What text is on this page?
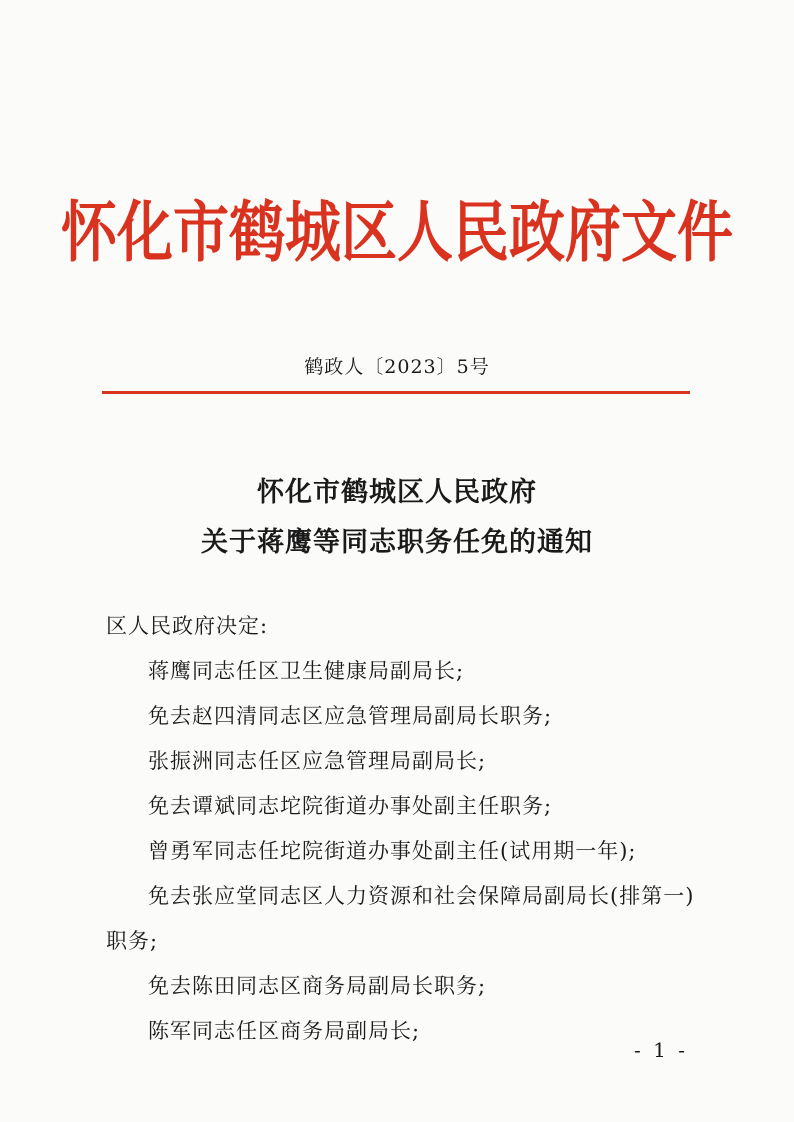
怀化市鹤城区人民政府文件
鹤政人〔2023〕5号
怀化市鹤城区人民政府
关于蒋鹰等同志职务任免的通知
区人民政府决定:
蒋鹰同志任区卫生健康局副局长;
免去赵四清同志区应急管理局副局长职务;
张振洲同志任区应急管理局副局长;
免去谭斌同志坨院街道办事处副主任职务;
曾勇军同志任坨院街道办事处副主任(试用期一年);
免去张应堂同志区人力资源和社会保障局副局长(排第一)
职务;
免去陈田同志区商务局副局长职务;
陈军同志任区商务局副局长;
- 1 -
